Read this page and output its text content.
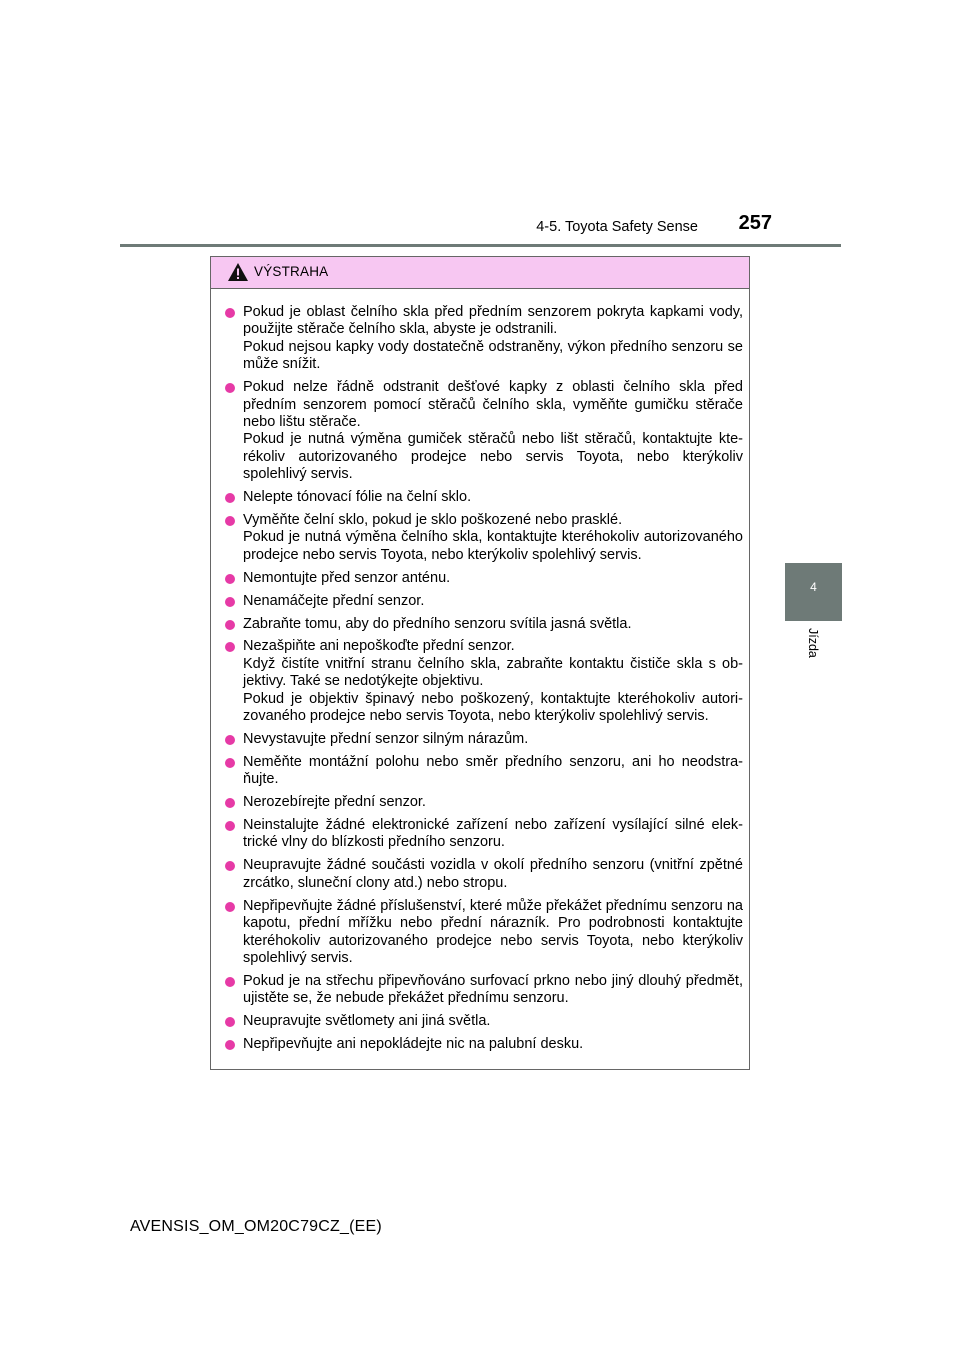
4-5. Toyota Safety Sense	257
4
Jízda
VÝSTRAHA
Pokud je oblast čelního skla před předním senzorem pokryta kapkami vody, použijte stěrače čelního skla, abyste je odstranili.
Pokud nejsou kapky vody dostatečně odstraněny, výkon předního senzoru se může snížit.
Pokud nelze řádně odstranit dešťové kapky z oblasti čelního skla před předním senzorem pomocí stěračů čelního skla, vyměňte gumičku stěrače nebo lištu stěrače.
Pokud je nutná výměna gumiček stěračů nebo lišt stěračů, kontaktujte kterékoliv autorizovaného prodejce nebo servis Toyota, nebo kterýkoliv spolehlivý servis.
Nelepte tónovací fólie na čelní sklo.
Vyměňte čelní sklo, pokud je sklo poškozené nebo prasklé.
Pokud je nutná výměna čelního skla, kontaktujte kteréhokoliv autorizovaného prodejce nebo servis Toyota, nebo kterýkoliv spolehlivý servis.
Nemontujte před senzor anténu.
Nenamáčejte přední senzor.
Zabraňte tomu, aby do předního senzoru svítila jasná světla.
Nezašpiňte ani nepoškoďte přední senzor.
Když čistíte vnitřní stranu čelního skla, zabraňte kontaktu čističe skla s objektivy. Také se nedotýkejte objektivu.
Pokud je objektiv špinavý nebo poškozený, kontaktujte kteréhokoliv autorizovaného prodejce nebo servis Toyota, nebo kterýkoliv spolehlivý servis.
Nevystavujte přední senzor silným nárazům.
Neměňte montážní polohu nebo směr předního senzoru, ani ho neodstraňujte.
Nerozebírejte přední senzor.
Neinstalujte žádné elektronické zařízení nebo zařízení vysílající silné elektrické vlny do blízkosti předního senzoru.
Neupravujte žádné součásti vozidla v okolí předního senzoru (vnitřní zpětné zrcátko, sluneční clony atd.) nebo stropu.
Nepřipevňujte žádné příslušenství, které může překážet přednímu senzoru na kapotu, přední mřížku nebo přední nárazník. Pro podrobnosti kontaktujte kteréhokoliv autorizovaného prodejce nebo servis Toyota, nebo kterýkoliv spolehlivý servis.
Pokud je na střechu připevňováno surfovací prkno nebo jiný dlouhý předmět, ujistěte se, že nebude překážet přednímu senzoru.
Neupravujte světlomety ani jiná světla.
Nepřipevňujte ani nepokládejte nic na palubní desku.
AVENSIS_OM_OM20C79CZ_(EE)
